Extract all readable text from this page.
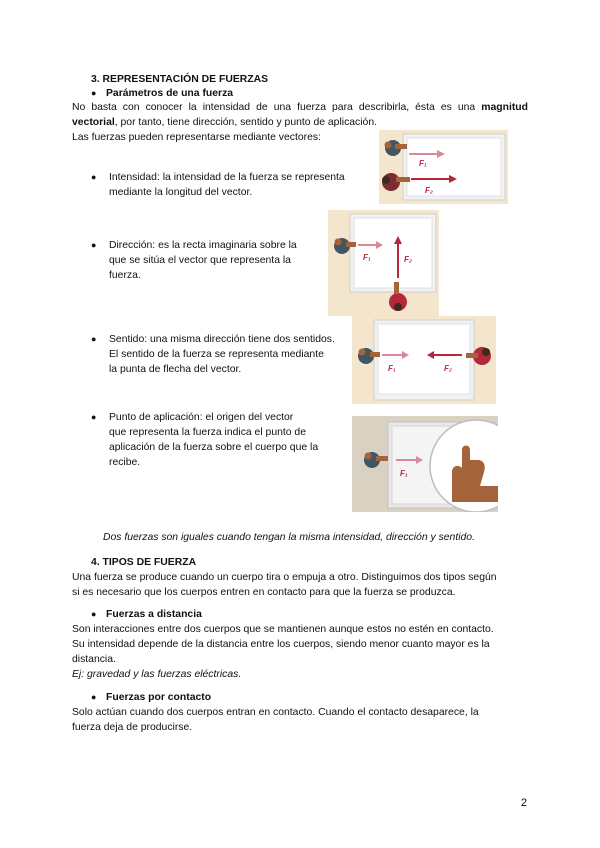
3. REPRESENTACIÓN DE FUERZAS
● Parámetros de una fuerza
No basta con conocer la intensidad de una fuerza para describirla, ésta es una magnitud vectorial, por tanto, tiene dirección, sentido y punto de aplicación.
Las fuerzas pueden representarse mediante vectores:
● Intensidad: la intensidad de la fuerza se representa
mediante la longitud del vector.
● Dirección: es la recta imaginaria sobre la
que se sitúa el vector que representa la
fuerza.
● Sentido: una misma dirección tiene dos sentidos.
El sentido de la fuerza se representa mediante
la punta de flecha del vector.
● Punto de aplicación: el origen del vector
que representa la fuerza indica el punto de
aplicación de la fuerza sobre el cuerpo que la
recibe.
F₁
F₂
F₁	F₂
F₁	F₂
F₁
Dos fuerzas son iguales cuando tengan la misma intensidad, dirección y sentido.
4. TIPOS DE FUERZA
Una fuerza se produce cuando un cuerpo tira o empuja a otro. Distinguimos dos tipos según
si es necesario que los cuerpos entren en contacto para que la fuerza se produzca.
● Fuerzas a distancia
Son interacciones entre dos cuerpos que se mantienen aunque estos no estén en contacto.
Su intensidad depende de la distancia entre los cuerpos, siendo menor cuanto mayor es la
distancia.
Ej: gravedad y las fuerzas eléctricas.
● Fuerzas por contacto
Solo actúan cuando dos cuerpos entran en contacto. Cuando el contacto desaparece, la
fuerza deja de producirse.
2
